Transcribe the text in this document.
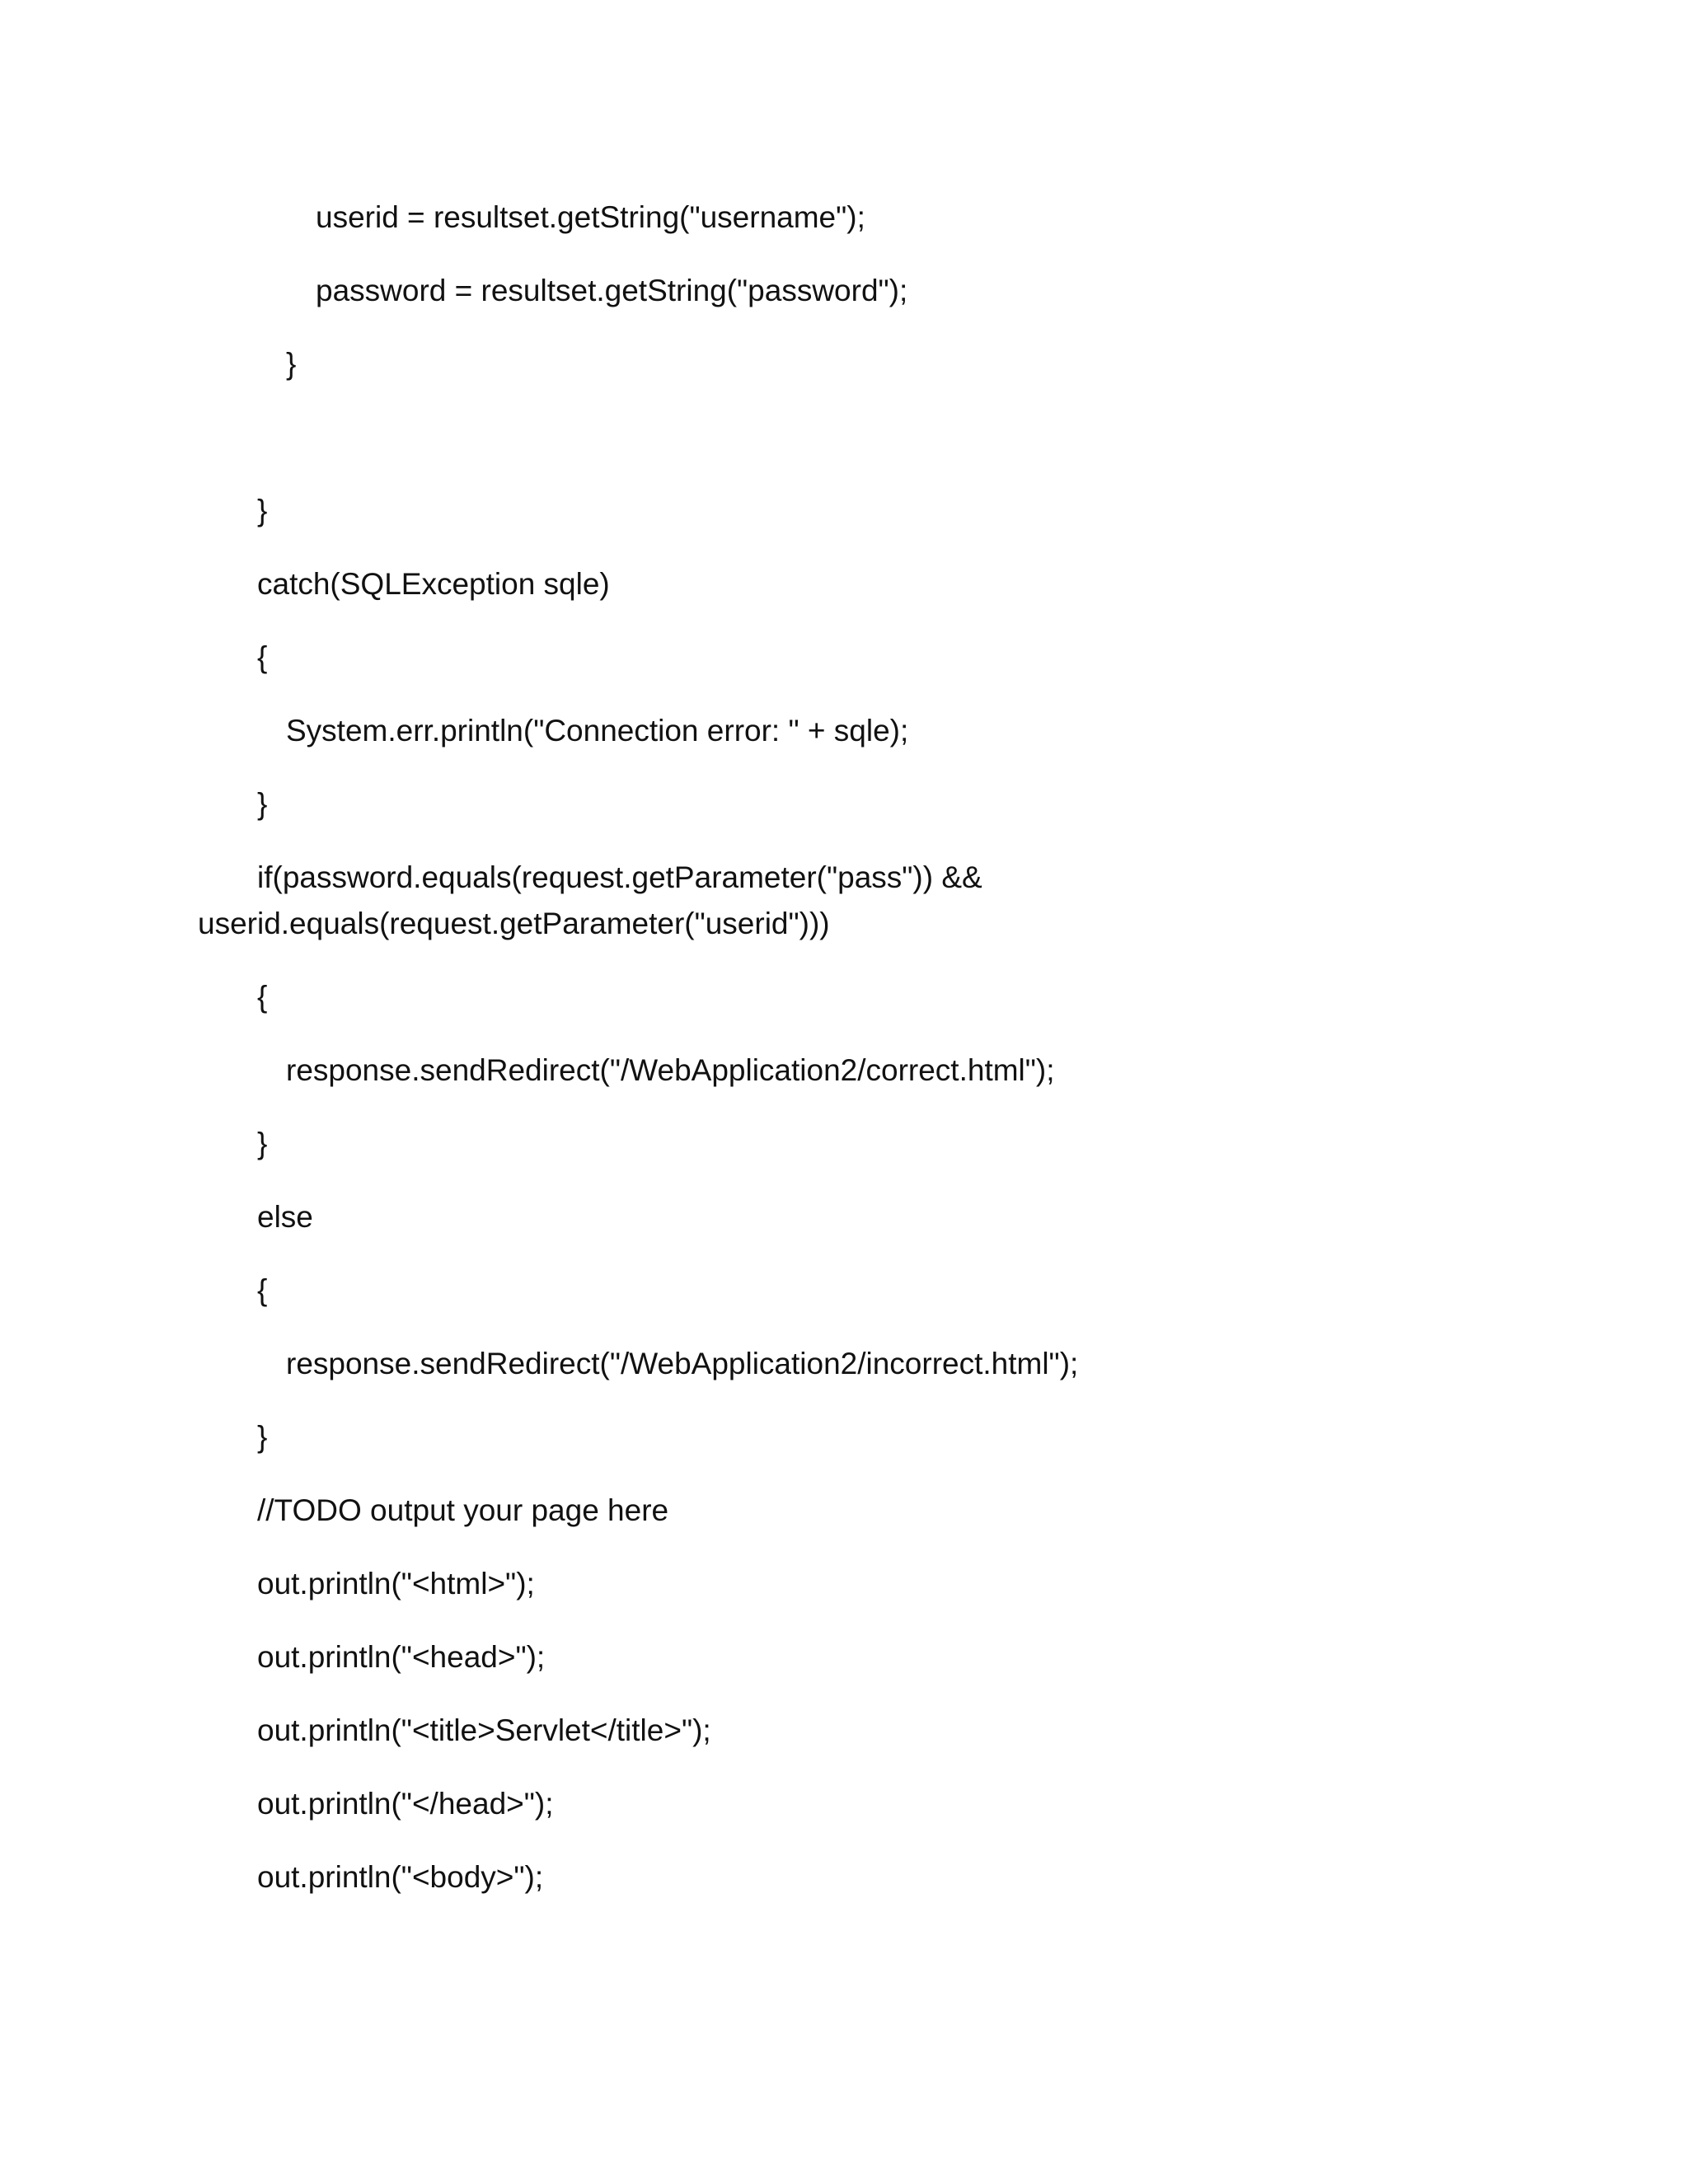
userid = resultset.getString("username");

password = resultset.getString("password");

}

}

catch(SQLException sqle)

{

System.err.println("Connection error: " + sqle);

}

if(password.equals(request.getParameter("pass")) &&

userid.equals(request.getParameter("userid")))

{

response.sendRedirect("/WebApplication2/correct.html");

}

else

{

response.sendRedirect("/WebApplication2/incorrect.html");

}

//TODO output your page here

out.println("<html>");

out.println("<head>");

out.println("<title>Servlet</title>");

out.println("</head>");

out.println("<body>");
